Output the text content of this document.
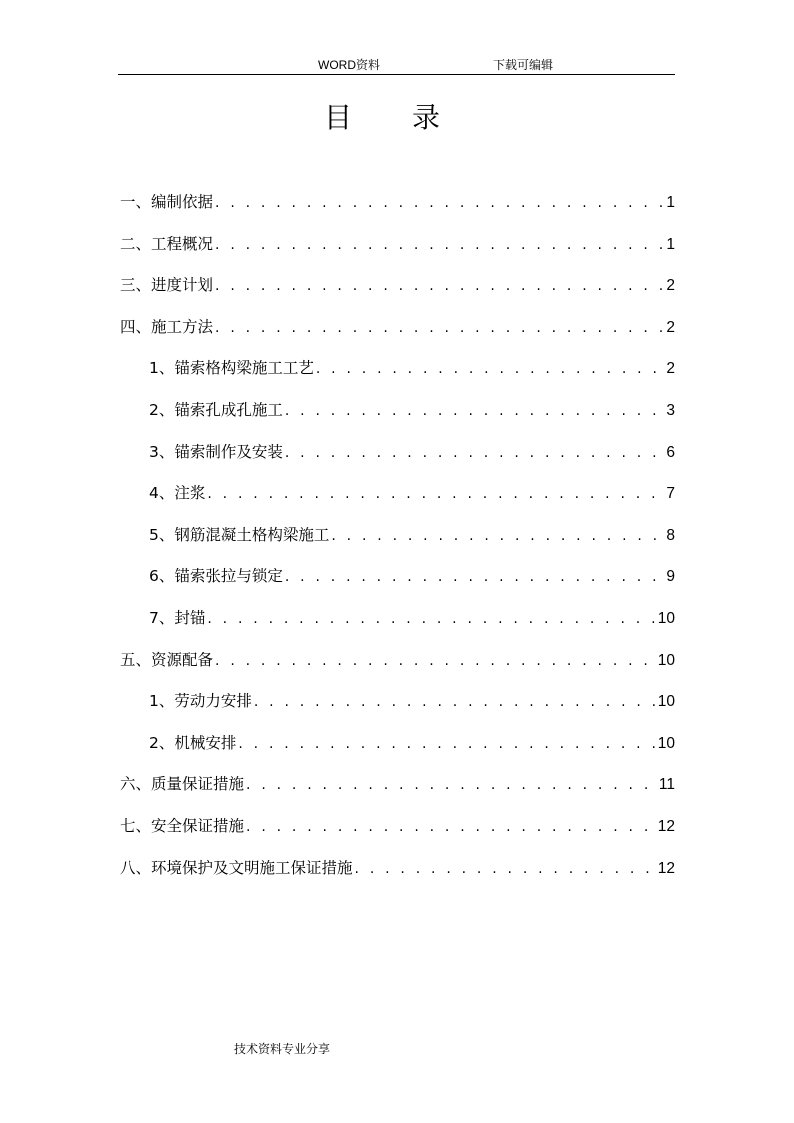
WORD资料	下载可编辑
目录
一、编制依据 . . .	1
二、工程概况 . . .	1
三、进度计划 . . .	2
四、施工方法 . . .	2
1、锚索格构梁施工工艺 . . .	2
2、锚索孔成孔施工 . . .	3
3、锚索制作及安装 . . .	6
4、注浆 . . .	7
5、钢筋混凝土格构梁施工 . . .	8
6、锚索张拉与锁定 . . .	9
7、封锚 . . .	10
五、资源配备 . . .	10
1、劳动力安排 . . .	10
2、机械安排 . . .	10
六、质量保证措施 . . .	11
七、安全保证措施 . . .	12
八、环境保护及文明施工保证措施 . . .	12
技术资料专业分享
